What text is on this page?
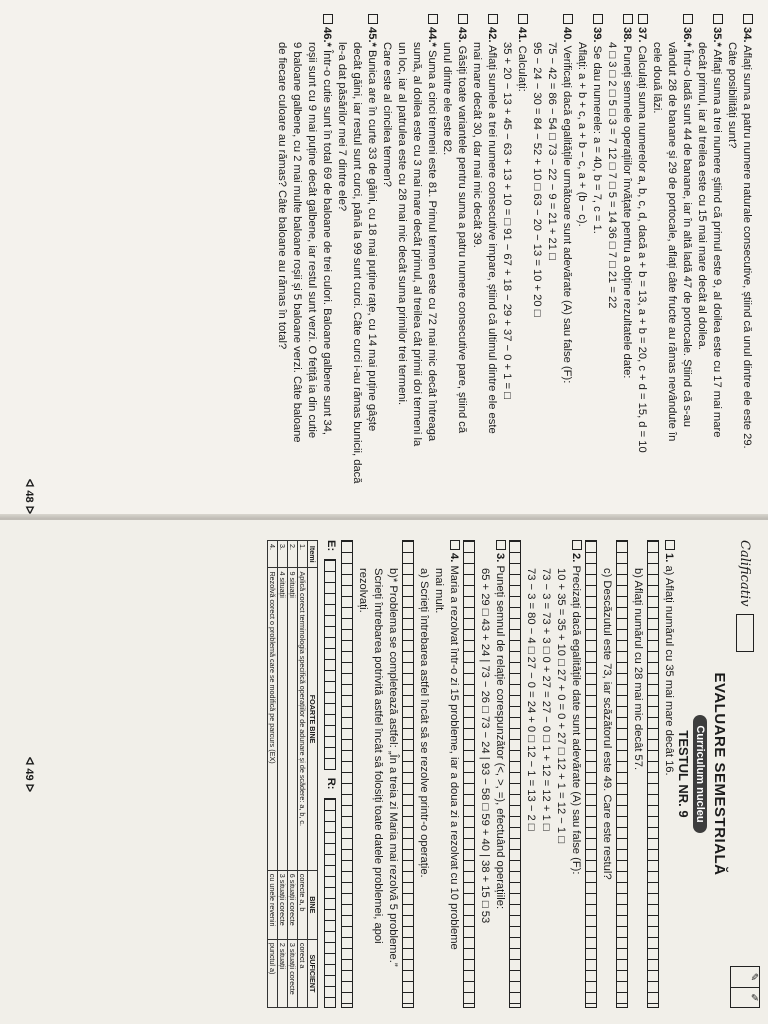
34. Aflați suma a patru numere naturale consecutive, știind că unul dintre ele este 29.

Câte posibilități sunt?

35.* Aflați suma a trei numere știind că primul este 9, al doilea este cu 17 mai mare

decât primul, iar al treilea este cu 15 mai mare decât al doilea.

36.* Într-o ladă sunt 44 de banane, iar în altă ladă 47 de portocale. Știind că s-au

vândut 28 de banane și 29 de portocale, aflați câte fructe au rămas nevândute în

cele două lăzi.

37. Calculați suma numerelor a, b, c, d, dacă a + b = 13, a + b = 20, c + d = 15, d = 10

38. Puneți semnele operațiilor învățate pentru a obține rezultatele date:

4 □ 3 □ 2 □ 5 □ 3 = 7 12 □ 7 □ 5 = 14 36 □ 7 □ 21 = 22

39. Se dau numerele: a = 40, b = 7, c = 1.

Aflați: a + b + c, a + b − c, a + (b − c).

40. Verificați dacă egalitățile următoare sunt adevărate (A) sau false (F):

75 − 42 = 86 − 54 □ 73 − 22 − 9 = 21 + 21 □

95 − 24 − 30 = 84 − 52 + 10 □ 63 − 20 − 13 = 10 + 20 □

41. Calculați:

35 + 20 − 13 + 45 − 63 + 13 + 10 = □ 91 − 67 + 18 − 29 + 37 − 0 + 1 = □

42. Aflați sumele a trei numere consecutive impare, știind că ultimul dintre ele este

mai mare decât 30, dar mai mic decât 39.

43. Găsiți toate variantele pentru suma a patru numere consecutive pare, știind că

unul dintre ele este 82.

44.* Suma a cinci termeni este 81. Primul termen este cu 72 mai mic decât întreaga

sumă, al doilea este cu 3 mai mare decât primul, al treilea cât primii doi termeni la

un loc, iar al patrulea este cu 28 mai mic decât suma primilor trei termeni.

Care este al cincilea termen?

45.* Bunica are în curte 33 de găini, cu 18 mai puține rațe, cu 14 mai puține gâște

decât găini, iar restul sunt curci, până la 99 sunt curci. Câte curci i-au rămas bunicii, dacă

le-a dat păsărilor mei 7 dintre ele?

46.* Într-o cutie sunt în total 69 de baloane de trei culori. Baloane galbene sunt 34,

roșii sunt cu 9 mai puține decât galbene, iar restul sunt verzi. O fetiță ia din cutie

9 baloane galbene, cu 2 mai multe baloane roșii și 5 baloane verzi. Câte baloane

de fiecare culoare au rămas? Câte baloane au rămas în total?

ᐊ 48 ᐅ
Calificativ
✎
✐

EVALUARE SEMESTRIALĂ

Curriculum nucleu

TESTUL NR. 9

1. a) Aflați numărul cu 35 mai mare decât 16.

b) Aflați numărul cu 28 mai mic decât 57.

c) Descăzutul este 73, iar scăzătorul este 49. Care este restul?

2. Precizați dacă egalitățile date sunt adevărate (A) sau false (F):

10 + 35 = 35 + 10 □ 27 + 0 = 0 + 27 □ 12 + 1 = 12 − 1 □

73 − 3 = 73 + 3 □ 0 + 27 = 27 − 0 □ 1 + 12 = 12 + 1 □

73 − 3 = 80 − 4 □ 27 − 0 = 24 + 0 □ 12 − 1 = 13 − 2 □

3. Puneți semnul de relație corespunzător (<, >, =), efectuând operațiile:

65 + 29 □ 43 + 24 | 73 − 26 □ 73 − 24 | 93 − 58 □ 59 + 40 | 38 + 15 □ 53

4. Maria a rezolvat într-o zi 15 probleme, iar a doua zi a rezolvat cu 10 probleme

mai mult.

a) Scrieți întrebarea astfel încât să se rezolve printr-o operație.

b)* Problema se completează astfel: „În a treia zi Maria mai rezolvă 5 probleme.”

Scrieți întrebarea potrivită astfel încât să folosiți toate datele problemei, apoi

rezolvați.

E:
R:
Itemi	FOARTE BINE	BINE	SUFICIENT
1.	Aplică corect terminologia specifică operațiilor de adunare și de scădere: a, b, c.	corecte a, b	corect a
2.	9 situații	6 situații corecte	3 situații corecte
3.	4 situații	3 situații corecte	2 situații
4.	Rezolvă corect o problemă care se modifică pe parcurs (EX)	cu unele reveniri	punctul a)
ᐊ 49 ᐅ
